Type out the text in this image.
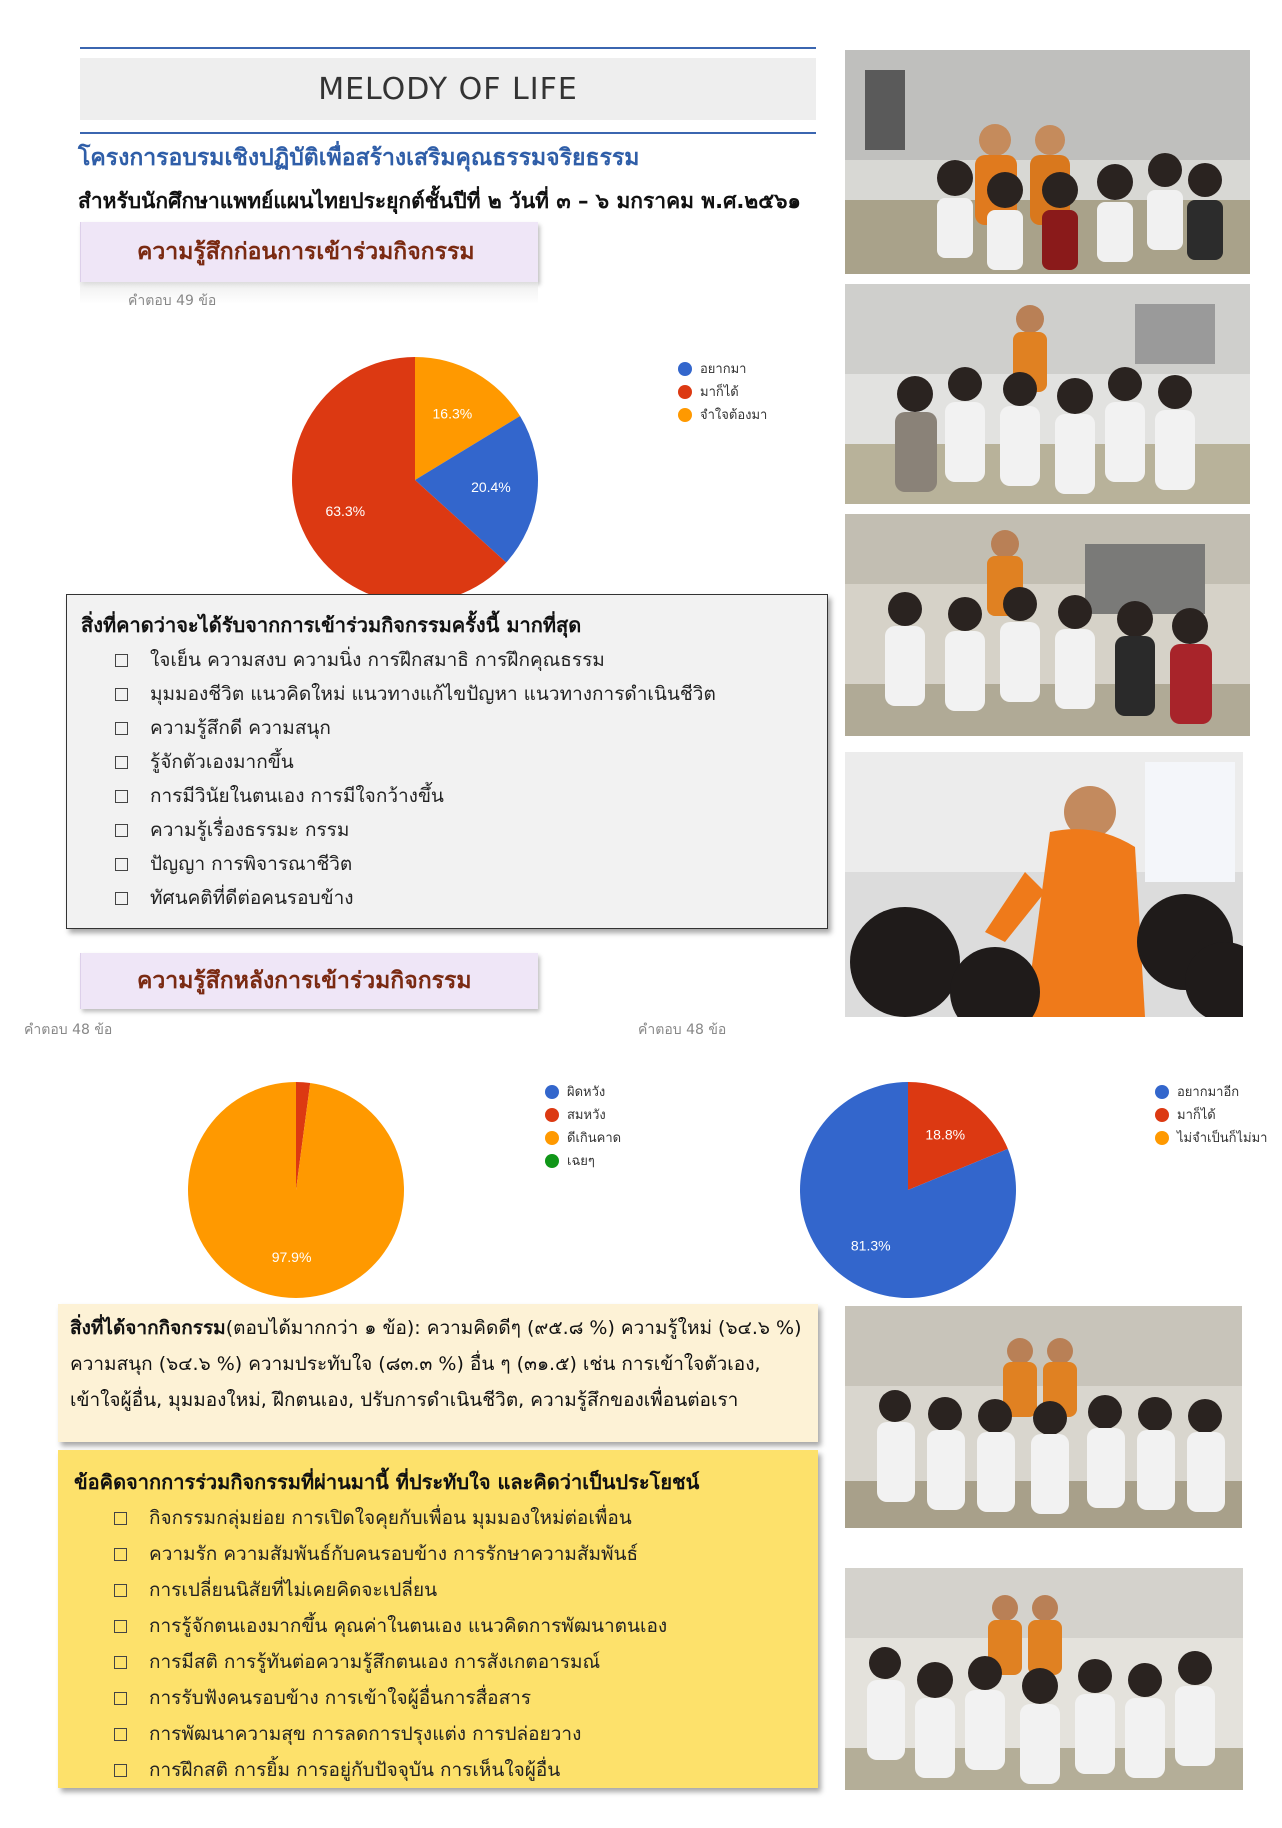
MELODY OF LIFE
โครงการอบรมเชิงปฏิบัติเพื่อสร้างเสริมคุณธรรมจริยธรรม
สำหรับนักศึกษาแพทย์แผนไทยประยุกต์ชั้นปีที่ ๒ วันที่ ๓ – ๖ มกราคม พ.ศ.๒๕๖๑
ความรู้สึกก่อนการเข้าร่วมกิจกรรม
คำตอบ 49 ข้อ
16.3%
20.4%
63.3%
อยากมา
มาก็ได้
จำใจต้องมา
สิ่งที่คาดว่าจะได้รับจากการเข้าร่วมกิจกรรมครั้งนี้ มากที่สุด
ใจเย็น ความสงบ ความนิ่ง การฝึกสมาธิ การฝึกคุณธรรม
มุมมองชีวิต แนวคิดใหม่ แนวทางแก้ไขปัญหา แนวทางการดำเนินชีวิต
ความรู้สึกดี ความสนุก
รู้จักตัวเองมากขึ้น
การมีวินัยในตนเอง การมีใจกว้างขึ้น
ความรู้เรื่องธรรมะ กรรม
ปัญญา การพิจารณาชีวิต
ทัศนคติที่ดีต่อคนรอบข้าง
ความรู้สึกหลังการเข้าร่วมกิจกรรม
คำตอบ 48 ข้อ	คำตอบ 48 ข้อ
97.9%
ผิดหวัง
สมหวัง
ดีเกินคาด
เฉยๆ
18.8%
81.3%
อยากมาอีก
มาก็ได้
ไม่จำเป็นก็ไม่มา
สิ่งที่ได้จากกิจกรรม(ตอบได้มากกว่า ๑ ข้อ): ความคิดดีๆ (๙๕.๘ %) ความรู้ใหม่ (๖๔.๖ %)
ความสนุก (๖๔.๖ %) ความประทับใจ (๘๓.๓ %) อื่น ๆ (๓๑.๕) เช่น การเข้าใจตัวเอง,
เข้าใจผู้อื่น, มุมมองใหม่, ฝึกตนเอง, ปรับการดำเนินชีวิต, ความรู้สึกของเพื่อนต่อเรา
ข้อคิดจากการร่วมกิจกรรมที่ผ่านมานี้ ที่ประทับใจ และคิดว่าเป็นประโยชน์
กิจกรรมกลุ่มย่อย การเปิดใจคุยกับเพื่อน มุมมองใหม่ต่อเพื่อน
ความรัก ความสัมพันธ์กับคนรอบข้าง การรักษาความสัมพันธ์
การเปลี่ยนนิสัยที่ไม่เคยคิดจะเปลี่ยน
การรู้จักตนเองมากขึ้น คุณค่าในตนเอง แนวคิดการพัฒนาตนเอง
การมีสติ การรู้ทันต่อความรู้สึกตนเอง การสังเกตอารมณ์
การรับฟังคนรอบข้าง การเข้าใจผู้อื่นการสื่อสาร
การพัฒนาความสุข การลดการปรุงแต่ง การปล่อยวาง
การฝึกสติ การยิ้ม การอยู่กับปัจจุบัน การเห็นใจผู้อื่น
